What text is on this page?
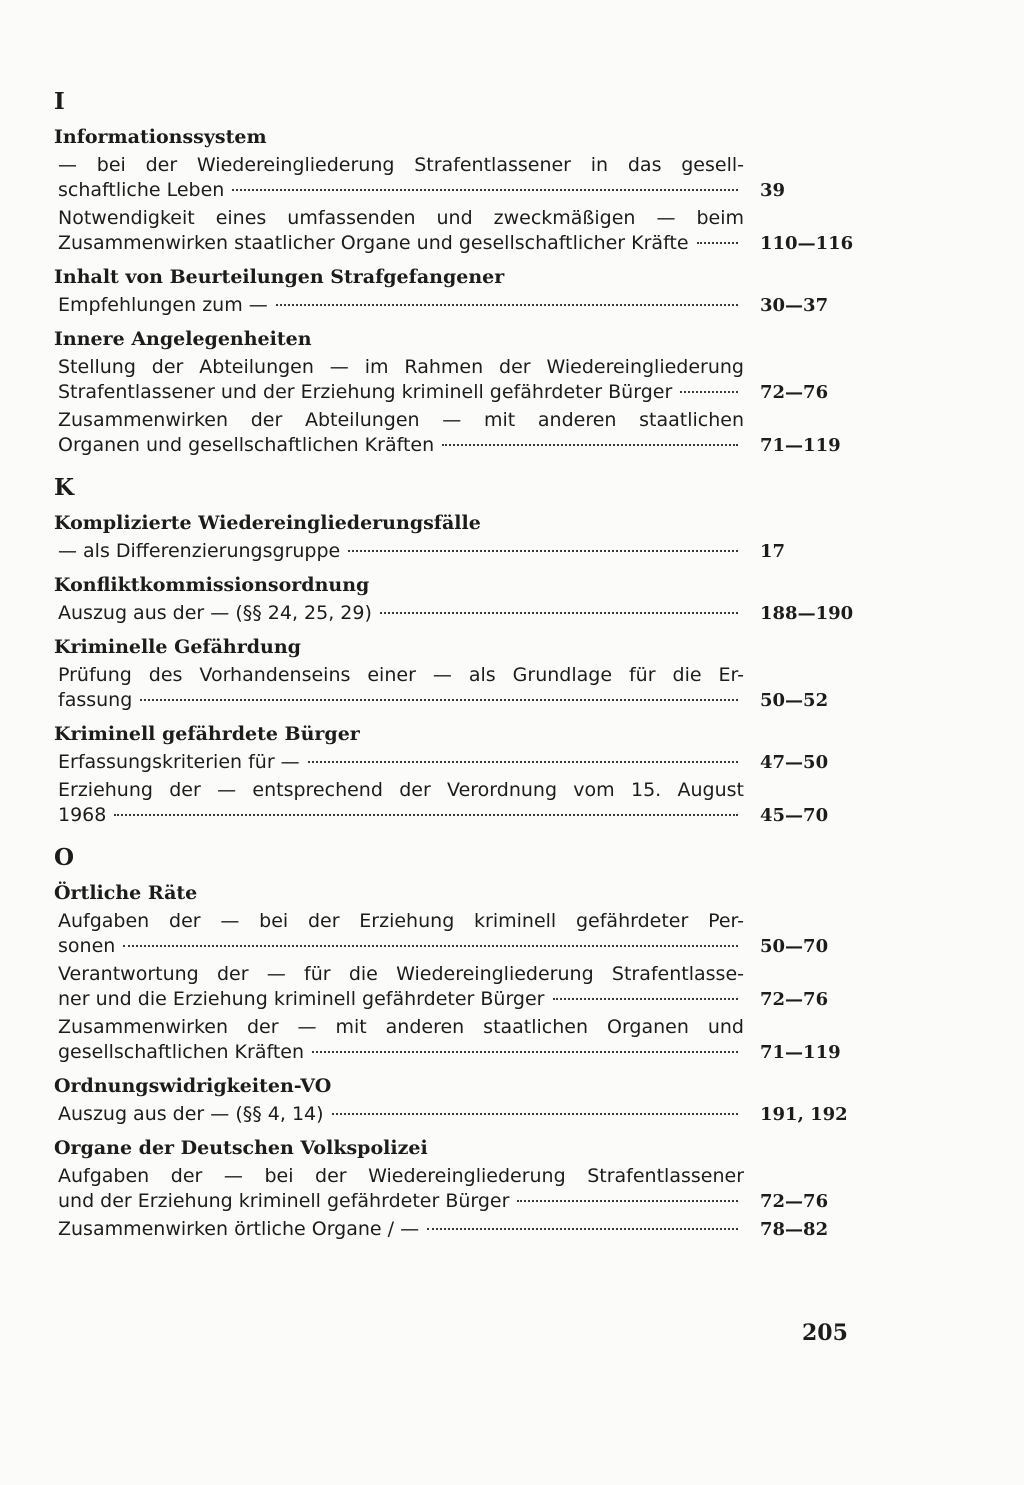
I
Informationssystem
— bei der Wiedereingliederung Strafentlassener in das gesell-
schaftliche Leben	39
Notwendigkeit eines umfassenden und zweckmäßigen — beim
Zusammenwirken staatlicher Organe und gesellschaftlicher Kräfte	110—116
Inhalt von Beurteilungen Strafgefangener
Empfehlungen zum —	30—37
Innere Angelegenheiten
Stellung der Abteilungen — im Rahmen der Wiedereingliederung
Strafentlassener und der Erziehung kriminell gefährdeter Bürger	72—76
Zusammenwirken der Abteilungen — mit anderen staatlichen
Organen und gesellschaftlichen Kräften	71—119
K
Komplizierte Wiedereingliederungsfälle
— als Differenzierungsgruppe	17
Konfliktkommissionsordnung
Auszug aus der — (§§ 24, 25, 29)	188—190
Kriminelle Gefährdung
Prüfung des Vorhandenseins einer — als Grundlage für die Er-
fassung	50—52
Kriminell gefährdete Bürger
Erfassungskriterien für —	47—50
Erziehung der — entsprechend der Verordnung vom 15. August
1968	45—70
O
Örtliche Räte
Aufgaben der — bei der Erziehung kriminell gefährdeter Per-
sonen	50—70
Verantwortung der — für die Wiedereingliederung Strafentlasse-
ner und die Erziehung kriminell gefährdeter Bürger	72—76
Zusammenwirken der — mit anderen staatlichen Organen und
gesellschaftlichen Kräften	71—119
Ordnungswidrigkeiten-VO
Auszug aus der — (§§ 4, 14)	191, 192
Organe der Deutschen Volkspolizei
Aufgaben der — bei der Wiedereingliederung Strafentlassener
und der Erziehung kriminell gefährdeter Bürger	72—76
Zusammenwirken örtliche Organe / —	78—82
205
